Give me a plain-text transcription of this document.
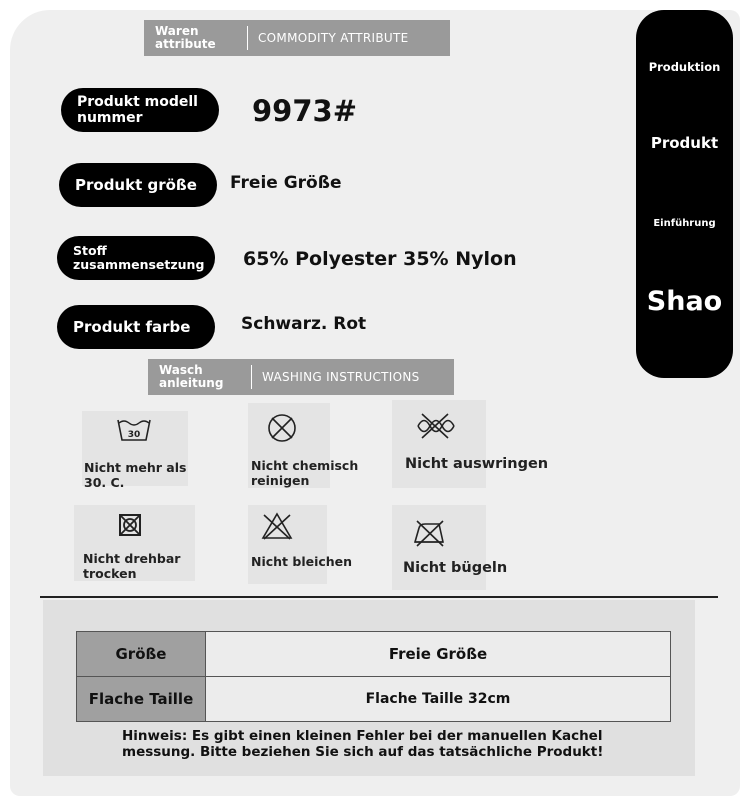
Waren attribute	COMMODITY ATTRIBUTE
Produkt modell nummer	9973#
Produkt größe Freie Größe
Stoff zusammensetzung	65% Polyester 35% Nylon
Produkt farbe	Schwarz. Rot
Produktion
Produkt
Einführung
Shao
Wasch anleitung	WASHING INSTRUCTIONS
30
Nicht mehr als 30. C.
Nicht chemisch reinigen
Nicht auswringen
Nicht drehbar trocken
Nicht bleichen	Nicht bügeln
Größe	Freie Größe
Flache Taille	Flache Taille 32cm
Hinweis: Es gibt einen kleinen Fehler bei der manuellen Kachel messung. Bitte beziehen Sie sich auf das tatsächliche Produkt!
